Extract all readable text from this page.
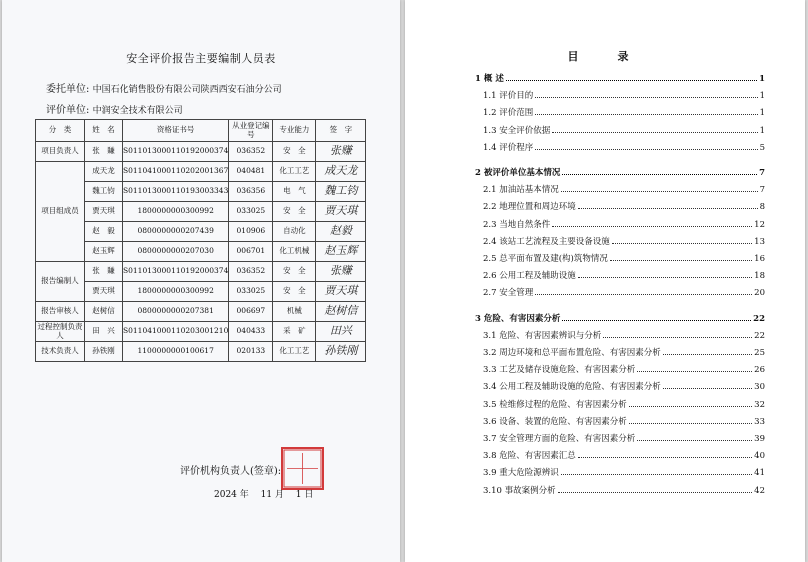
安全评价报告主要编制人员表
委托单位: 中国石化销售股份有限公司陕西西安石油分公司
评价单位: 中润安全技术有限公司
分　类	姓　名	资格证书号	从业登记编号	专业能力	签　字
项目负责人	张　賺	S011013000110192000374	036352	安　全	张赚
项目组成员	成天龙	S011041000110202001367	040481	化工工艺	成天龙
	魏工钧	S011013000110193003343	036356	电　气	魏工钧
	贾天琪	1800000000300992	033025	安　全	贾天琪
	赵　毅	0800000000207439	010906	自动化	赵毅
	赵玉辉	0800000000207030	006701	化工机械	赵玉辉
报告编制人	张　賺	S011013000110192000374	036352	安　全	张赚
	贾天琪	1800000000300992	033025	安　全	贾天琪
报告审核人	赵树信	0800000000207381	006697	机械	赵树信
过程控制负责人	田　兴	S011041000110203001210	040433	采　矿	田兴
技术负责人	孙铁刚	1100000000100617	020133	化工工艺	孙铁刚
评价机构负责人(签章):
2024 年　 11 月　 1 日
目　录
1 概 述	1
1.1 评价目的	1
1.2 评价范围	1
1.3 安全评价依据	1
1.4 评价程序	5
2 被评价单位基本情况	7
2.1 加油站基本情况	7
2.2 地理位置和周边环境	8
2.3 当地自然条件	12
2.4 该站工艺流程及主要设备设施	13
2.5 总平面布置及建(构)筑物情况	16
2.6 公用工程及辅助设施	18
2.7 安全管理	20
3 危险、有害因素分析	22
3.1 危险、有害因素辨识与分析	22
3.2 周边环境和总平面布置危险、有害因素分析	25
3.3 工艺及储存设施危险、有害因素分析	26
3.4 公用工程及辅助设施的危险、有害因素分析	30
3.5 检维修过程的危险、有害因素分析	32
3.6 设备、装置的危险、有害因素分析	33
3.7 安全管理方面的危险、有害因素分析	39
3.8 危险、有害因素汇总	40
3.9 重大危险源辨识	41
3.10 事故案例分析	42
